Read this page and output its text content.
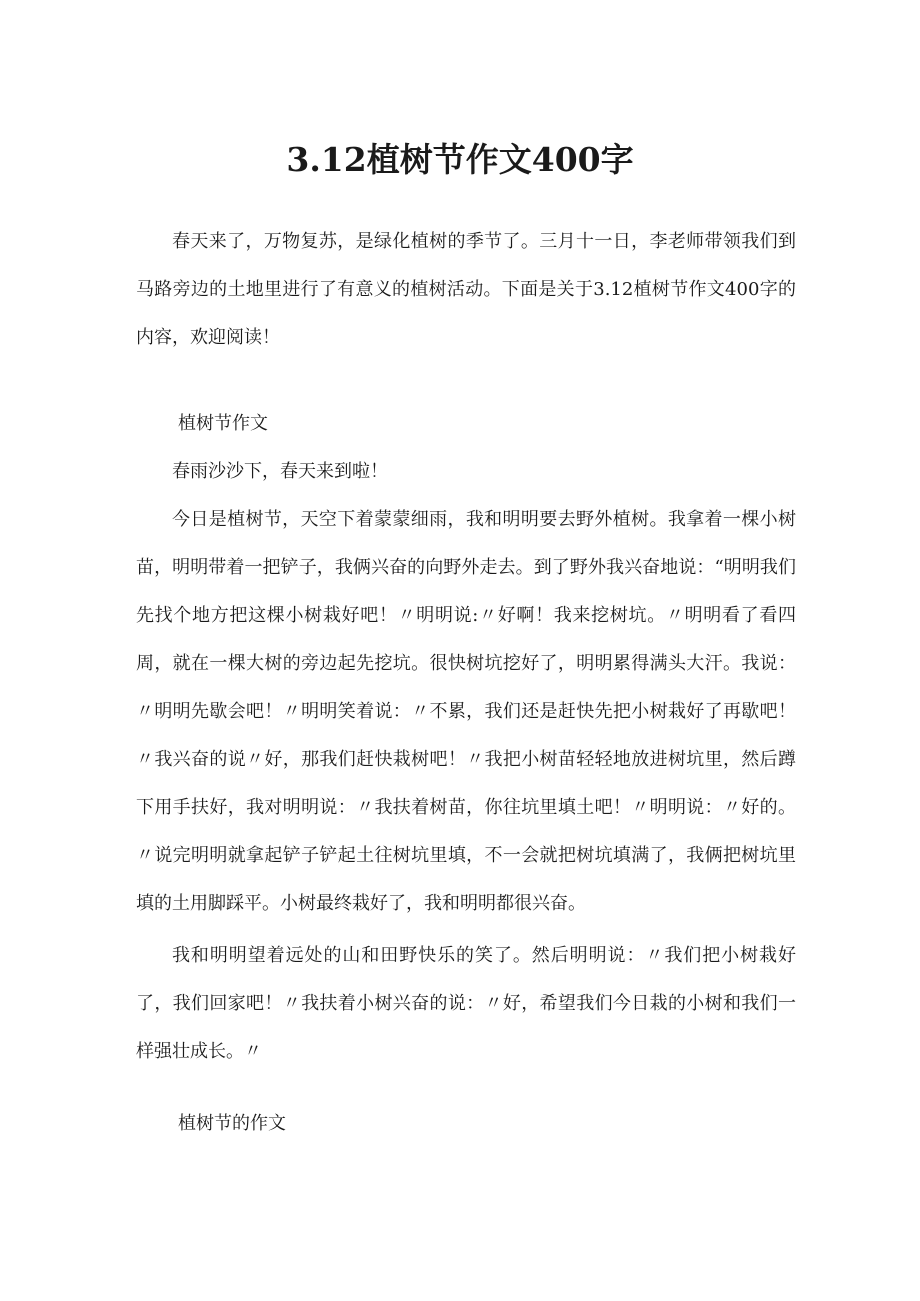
3.12植树节作文400字

春天来了，万物复苏，是绿化植树的季节了。三月十一日，李老师带领我们到马路旁边的土地里进行了有意义的植树活动。下面是关于3.12植树节作文400字的内容，欢迎阅读！

植树节作文

春雨沙沙下，春天来到啦！

今日是植树节，天空下着蒙蒙细雨，我和明明要去野外植树。我拿着一棵小树苗，明明带着一把铲子，我俩兴奋的向野外走去。到了野外我兴奋地说：“明明我们先找个地方把这棵小树栽好吧！〃明明说:〃好啊！我来挖树坑。〃明明看了看四周，就在一棵大树的旁边起先挖坑。很快树坑挖好了，明明累得满头大汗。我说：〃明明先歇会吧！〃明明笑着说：〃不累，我们还是赶快先把小树栽好了再歇吧！〃我兴奋的说〃好，那我们赶快栽树吧！〃我把小树苗轻轻地放进树坑里，然后蹲下用手扶好，我对明明说：〃我扶着树苗，你往坑里填土吧！〃明明说：〃好的。〃说完明明就拿起铲子铲起土往树坑里填，不一会就把树坑填满了，我俩把树坑里填的土用脚踩平。小树最终栽好了，我和明明都很兴奋。

我和明明望着远处的山和田野快乐的笑了。然后明明说：〃我们把小树栽好了，我们回家吧！〃我扶着小树兴奋的说：〃好，希望我们今日栽的小树和我们一样强壮成长。〃

植树节的作文
